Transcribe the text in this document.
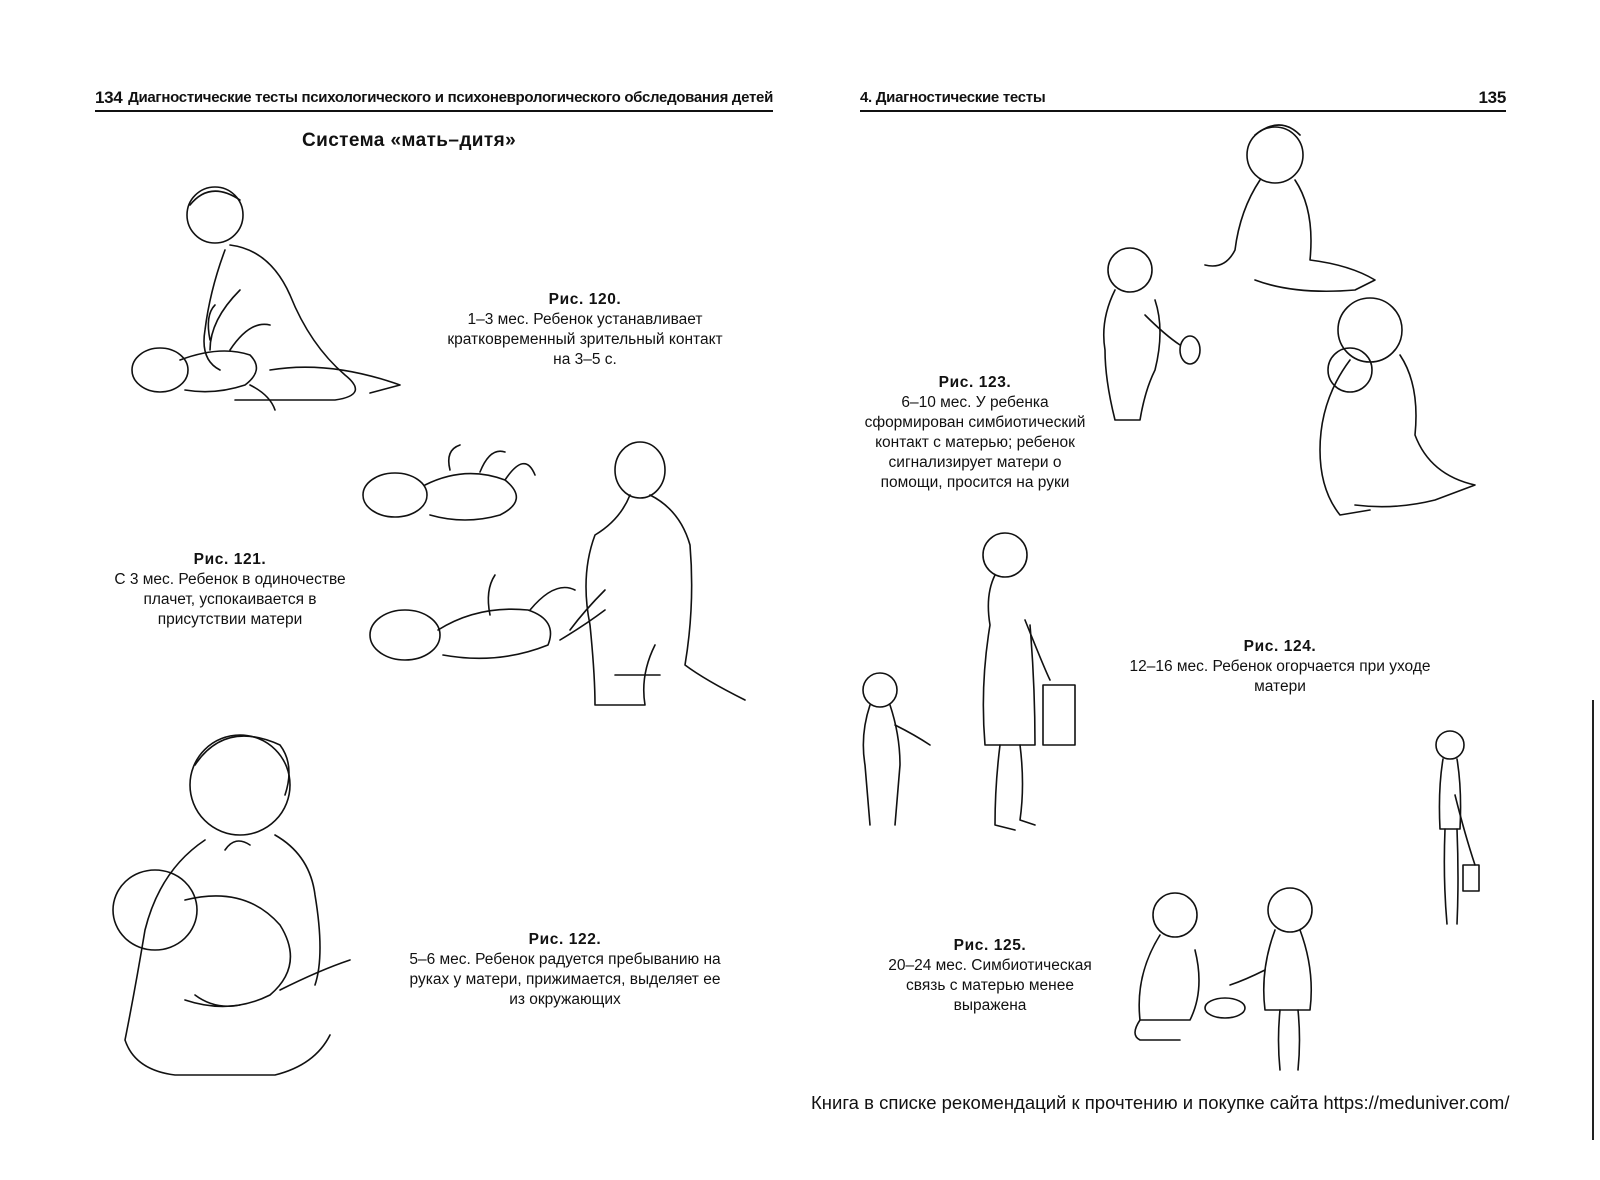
134 Диагностические тесты психологического и психоневрологического обследования детей
Система «мать–дитя»
Рис. 120.
1–3 мес. Ребенок устанавливает
кратковременный зрительный контакт
на 3–5 с.
Рис. 121.
С 3 мес. Ребенок в одиночестве
плачет, успокаивается в
присутствии матери
Рис. 122.
5–6 мес. Ребенок радуется пребыванию на
руках у матери, прижимается, выделяет ее
из окружающих
4. Диагностические тесты	135
Рис. 123.
6–10 мес. У ребенка
сформирован симбиотический
контакт с матерью; ребенок
сигнализирует матери о
помощи, просится на руки
Рис. 124.
12–16 мес. Ребенок огорчается при уходе
матери
Рис. 125.
20–24 мес. Симбиотическая
связь с матерью менее
выражена
Книга в списке рекомендаций к прочтению и покупке сайта https://meduniver.com/
